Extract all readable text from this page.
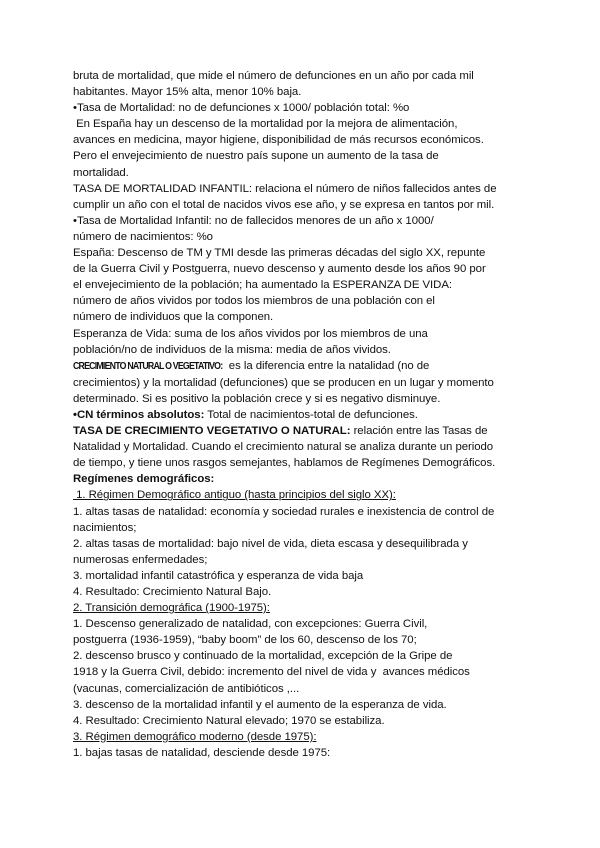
bruta de mortalidad, que mide el número de defunciones en un año por cada mil
habitantes. Mayor 15% alta, menor 10% baja.
•Tasa de Mortalidad: no de defunciones x 1000/ población total: %o
En España hay un descenso de la mortalidad por la mejora de alimentación,
avances en medicina, mayor higiene, disponibilidad de más recursos económicos.
Pero el envejecimiento de nuestro país supone un aumento de la tasa de
mortalidad.
TASA DE MORTALIDAD INFANTIL: relaciona el número de niños fallecidos antes de
cumplir un año con el total de nacidos vivos ese año, y se expresa en tantos por mil.
•Tasa de Mortalidad Infantil: no de fallecidos menores de un año x 1000/
número de nacimientos: %o
España: Descenso de TM y TMI desde las primeras décadas del siglo XX, repunte
de la Guerra Civil y Postguerra, nuevo descenso y aumento desde los años 90 por
el envejecimiento de la población; ha aumentado la ESPERANZA DE VIDA:
número de años vividos por todos los miembros de una población con el
número de individuos que la componen.
Esperanza de Vida: suma de los años vividos por los miembros de una
población/no de individuos de la misma: media de años vividos.
CRECIMIENTO NATURAL O VEGETATIVO: es la diferencia entre la natalidad (no de
crecimientos) y la mortalidad (defunciones) que se producen en un lugar y momento
determinado. Si es positivo la población crece y si es negativo disminuye.
•CN términos absolutos: Total de nacimientos-total de defunciones.
TASA DE CRECIMIENTO VEGETATIVO O NATURAL: relación entre las Tasas de
Natalidad y Mortalidad. Cuando el crecimiento natural se analiza durante un periodo
de tiempo, y tiene unos rasgos semejantes, hablamos de Regímenes Demográficos.
Regímenes demográficos:
1. Régimen Demográfico antiguo (hasta principios del siglo XX):
1. altas tasas de natalidad: economía y sociedad rurales e inexistencia de control de
nacimientos;
2. altas tasas de mortalidad: bajo nivel de vida, dieta escasa y desequilibrada y
numerosas enfermedades;
3. mortalidad infantil catastrófica y esperanza de vida baja
4. Resultado: Crecimiento Natural Bajo.
2. Transición demográfica (1900-1975):
1. Descenso generalizado de natalidad, con excepciones: Guerra Civil,
postguerra (1936-1959), “baby boom” de los 60, descenso de los 70;
2. descenso brusco y continuado de la mortalidad, excepción de la Gripe de
1918 y la Guerra Civil, debido: incremento del nivel de vida y  avances médicos
(vacunas, comercialización de antibióticos ,...
3. descenso de la mortalidad infantil y el aumento de la esperanza de vida.
4. Resultado: Crecimiento Natural elevado; 1970 se estabiliza.
3. Régimen demográfico moderno (desde 1975):
1. bajas tasas de natalidad, desciende desde 1975:
